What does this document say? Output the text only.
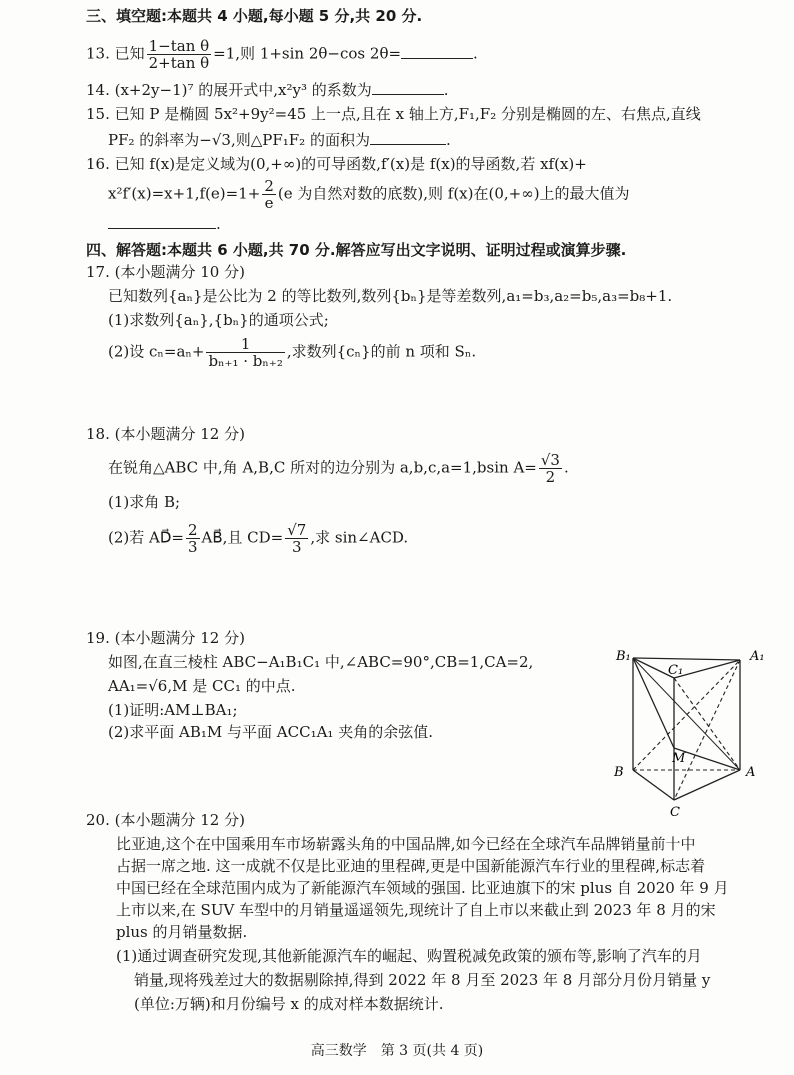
三、填空题:本题共 4 小题,每小题 5 分,共 20 分.
13. 已知 $\frac{\text{1−tan θ}}{\text{2+tan θ}} =1$,则 1+sin 2θ−cos 2θ=	.
14. (x+2y−1)⁷ 的展开式中,x²y³ 的系数为	.
15. 已知 P 是椭圆 5x²+9y²=45 上一点,且在 x 轴上方,F₁,F₂ 分别是椭圆的左、右焦点,直线
PF₂ 的斜率为−√3,则△PF₁F₂ 的面积为	.
16. 已知 f(x)是定义域为(0,+∞)的可导函数,f′(x)是 f(x)的导函数,若 xf(x)+
$x^2f'(x)=x+1,f(e)=1+ \frac{2}{e} (e$ 为自然对数的底数),则 f(x)在(0,+∞)上的最大值为
.
四、解答题:本题共 6 小题,共 70 分.解答应写出文字说明、证明过程或演算步骤.
17. (本小题满分 10 分)
已知数列{aₙ}是公比为 2 的等比数列,数列{bₙ}是等差数列,a₁=b₃,a₂=b₅,a₃=b₈+1.
(1)求数列{aₙ},{bₙ}的通项公式;
(2)设 $c_n=a_n+ \frac{1}{\text{bₙ₊₁ · bₙ₊₂}}$ ,求数列{cₙ}的前 n 项和 Sₙ.
18. (本小题满分 12 分)
在锐角△ABC 中,角 A,B,C 所对的边分别为 a,b,c,a=1,bsin $A= \frac{√3}{2}$ .
(1)求角 B;
(2)若 AD⃗= $\frac{2}{3}$ AB⃗,且 $CD= \frac{√7}{3}$ ,求 sin∠ACD.
19. (本小题满分 12 分)
如图,在直三棱柱 ABC−A₁B₁C₁ 中,∠ABC=90°,CB=1,CA=2,
AA₁=√6,M 是 CC₁ 的中点.
(1)证明:AM⊥BA₁;
(2)求平面 AB₁M 与平面 ACC₁A₁ 夹角的余弦值.
B₁
C₁
A₁
B	A
C
M
20. (本小题满分 12 分)
比亚迪,这个在中国乘用车市场崭露头角的中国品牌,如今已经在全球汽车品牌销量前十中
占据一席之地. 这一成就不仅是比亚迪的里程碑,更是中国新能源汽车行业的里程碑,标志着
中国已经在全球范围内成为了新能源汽车领域的强国. 比亚迪旗下的宋 plus 自 2020 年 9 月
上市以来,在 SUV 车型中的月销量遥遥领先,现统计了自上市以来截止到 2023 年 8 月的宋
plus 的月销量数据.
(1)通过调查研究发现,其他新能源汽车的崛起、购置税减免政策的颁布等,影响了汽车的月
销量,现将残差过大的数据剔除掉,得到 2022 年 8 月至 2023 年 8 月部分月份月销量 y
(单位:万辆)和月份编号 x 的成对样本数据统计.
高三数学　第 3 页(共 4 页)
